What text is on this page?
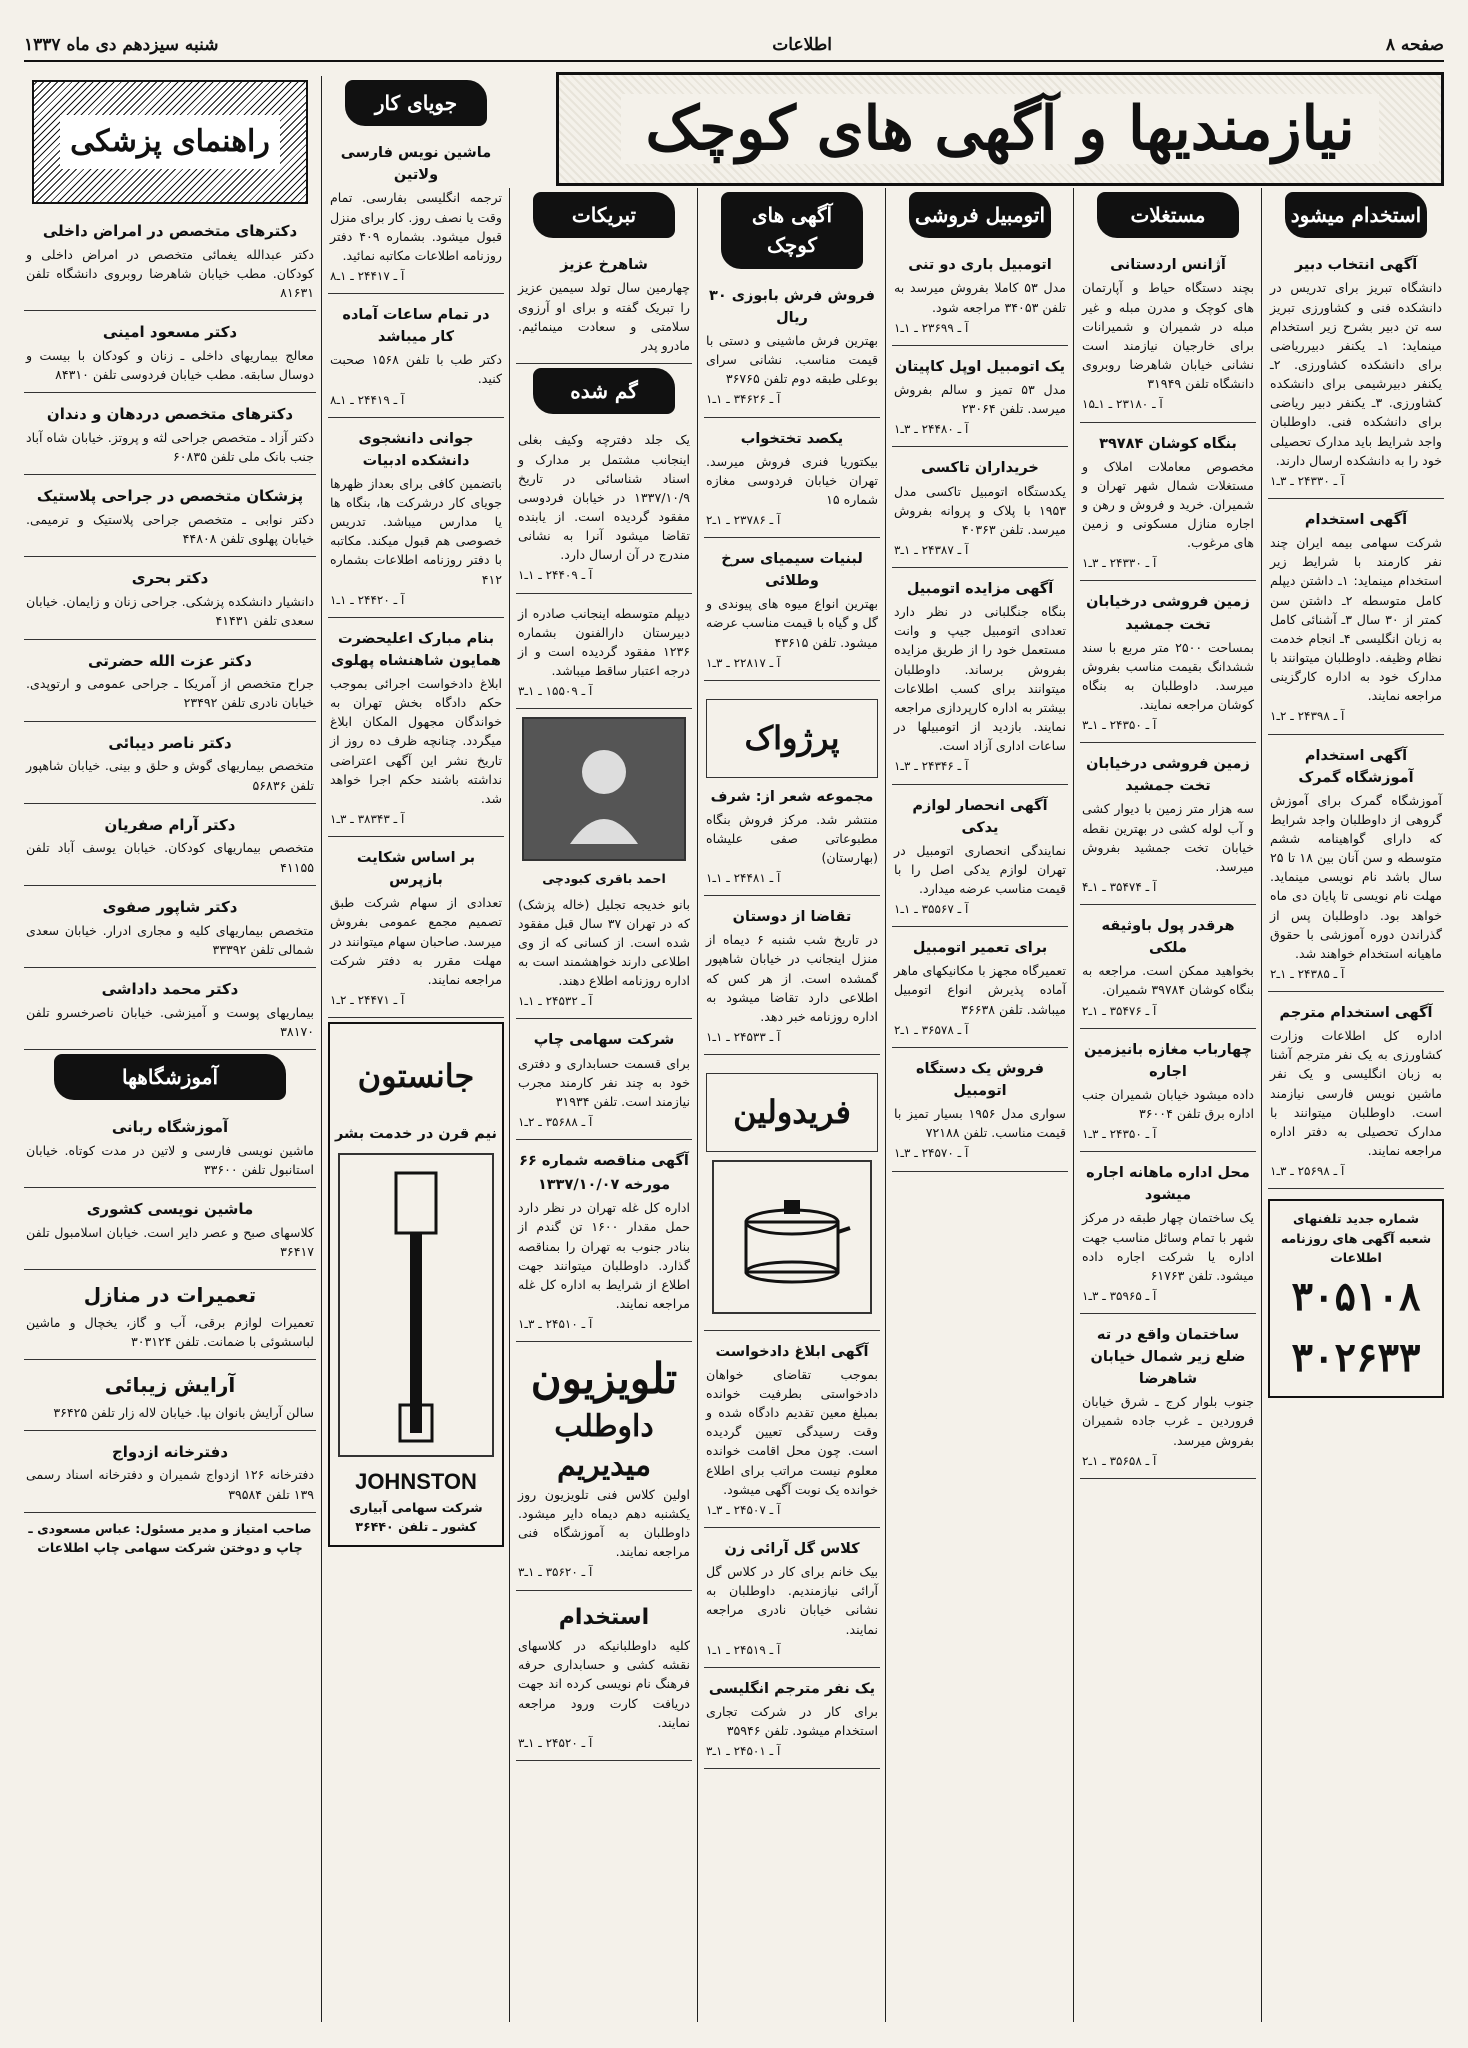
صفحه ۸
اطلاعات
شنبه سیزدهم دی ماه ۱۳۳۷
نیازمندیها و آگهی های کوچک
استخدام میشود
آگهی انتخاب دبیر
دانشگاه تبریز برای تدریس در دانشکده فنی و کشاورزی تبریز سه تن دبیر بشرح زیر استخدام مینماید: ۱ـ یکنفر دبیرریاضی برای دانشکده کشاورزی. ۲ـ یکنفر دبیرشیمی برای دانشکده کشاورزی. ۳ـ یکنفر دبیر ریاضی برای دانشکده فنی. داوطلبان واجد شرایط باید مدارک تحصیلی خود را به دانشکده ارسال دارند.
آ ـ ۲۴۳۳۰ ـ ۳ـ۱
آگهی استخدام
شرکت سهامی بیمه ایران چند نفر کارمند با شرایط زیر استخدام مینماید: ۱ـ داشتن دیپلم کامل متوسطه ۲ـ داشتن سن کمتر از ۳۰ سال ۳ـ آشنائی کامل به زبان انگلیسی ۴ـ انجام خدمت نظام وظیفه. داوطلبان میتوانند با مدارک خود به اداره کارگزینی مراجعه نمایند.
آ ـ ۲۴۳۹۸ ـ ۲ـ۱
آگهی استخدام آموزشگاه گمرک
آموزشگاه گمرک برای آموزش گروهی از داوطلبان واجد شرایط که دارای گواهینامه ششم متوسطه و سن آنان بین ۱۸ تا ۲۵ سال باشد نام نویسی مینماید. مهلت نام نویسی تا پایان دی ماه خواهد بود. داوطلبان پس از گذراندن دوره آموزشی با حقوق ماهیانه استخدام خواهند شد.
آ ـ ۲۴۳۸۵ ـ ۱ـ۲
آگهی استخدام مترجم
اداره کل اطلاعات وزارت کشاورزی به یک نفر مترجم آشنا به زبان انگلیسی و یک نفر ماشین نویس فارسی نیازمند است. داوطلبان میتوانند با مدارک تحصیلی به دفتر اداره مراجعه نمایند.
آ ـ ۲۵۶۹۸ ـ ۳ـ۱
شماره جدید تلفنهای
شعبه آگهی های روزنامه اطلاعات
۳۰۵۱۰۸
۳۰۲۶۳۳
مستغلات
آژانس اردستانی
بچند دستگاه حیاط و آپارتمان های کوچک و مدرن مبله و غیر مبله در شمیران و شمیرانات برای خارجیان نیازمند است نشانی خیابان شاهرضا روبروی دانشگاه تلفن ۳۱۹۴۹
آ ـ ۲۳۱۸۰ ـ ۱ـ۱۵
بنگاه کوشان ۳۹۷۸۴
مخصوص معاملات املاک و مستغلات شمال شهر تهران و شمیران. خرید و فروش و رهن و اجاره منازل مسکونی و زمین های مرغوب.
آ ـ ۲۴۳۳۰ ـ ۳ـ۱
زمین فروشی درخیابان تخت جمشید
بمساحت ۲۵۰۰ متر مربع با سند ششدانگ بقیمت مناسب بفروش میرسد. داوطلبان به بنگاه کوشان مراجعه نمایند.
آ ـ ۲۴۳۵۰ ـ ۱ـ۳
زمین فروشی درخیابان تخت جمشید
سه هزار متر زمین با دیوار کشی و آب لوله کشی در بهترین نقطه خیابان تخت جمشید بفروش میرسد.
آ ـ ۳۵۴۷۴ ـ ۱ـ۴
هرقدر پول باوثیقه ملکی
بخواهید ممکن است. مراجعه به بنگاه کوشان ۳۹۷۸۴ شمیران.
آ ـ ۳۵۴۷۶ ـ ۱ـ۲
چهارباب مغازه بانیزمین اجاره
داده میشود خیابان شمیران جنب اداره برق تلفن ۳۶۰۰۴
آ ـ ۲۴۳۵۰ ـ ۳ـ۱
محل اداره ماهانه اجاره میشود
یک ساختمان چهار طبقه در مرکز شهر با تمام وسائل مناسب جهت اداره یا شرکت اجاره داده میشود. تلفن ۶۱۷۶۳
آ ـ ۳۵۹۶۵ ـ ۳ـ۱
ساختمان واقع در ته ضلع زیر شمال خیابان شاهرضا
جنوب بلوار کرج ـ شرق خیابان فروردین ـ غرب جاده شمیران بفروش میرسد.
آ ـ ۳۵۶۵۸ ـ ۱ـ۲
اتومبیل فروشی
اتومبیل باری دو تنی
مدل ۵۳ کاملا بفروش میرسد به تلفن ۳۴۰۵۳ مراجعه شود.
آ ـ ۲۳۶۹۹ ـ ۱ـ۱
یک اتومبیل اوپل کاپیتان
مدل ۵۳ تمیز و سالم بفروش میرسد. تلفن ۲۳۰۶۴
آ ـ ۲۴۴۸۰ ـ ۳ـ۱
خریداران تاکسی
یکدستگاه اتومبیل تاکسی مدل ۱۹۵۳ با پلاک و پروانه بفروش میرسد. تلفن ۴۰۳۶۳
آ ـ ۲۴۳۸۷ ـ ۱ـ۳
آگهی مزایده اتومبیل
بنگاه جنگلبانی در نظر دارد تعدادی اتومبیل جیپ و وانت مستعمل خود را از طریق مزایده بفروش برساند. داوطلبان میتوانند برای کسب اطلاعات بیشتر به اداره کارپردازی مراجعه نمایند. بازدید از اتومبیلها در ساعات اداری آزاد است.
آ ـ ۲۴۳۴۶ ـ ۳ـ۱
آگهی انحصار لوازم یدکی
نمایندگی انحصاری اتومبیل در تهران لوازم یدکی اصل را با قیمت مناسب عرضه میدارد.
آ ـ ۳۵۵۶۷ ـ ۱ـ۱
برای تعمیر اتومبیل
تعمیرگاه مجهز با مکانیکهای ماهر آماده پذیرش انواع اتومبیل میباشد. تلفن ۳۶۶۳۸
آ ـ ۳۶۵۷۸ ـ ۱ـ۲
فروش یک دستگاه اتومبیل
سواری مدل ۱۹۵۶ بسیار تمیز با قیمت مناسب. تلفن ۷۲۱۸۸
آ ـ ۲۴۵۷۰ ـ ۳ـ۱
آگهی های کوچک
فروش فرش بابوزی ۳۰ ریال
بهترین فرش ماشینی و دستی با قیمت مناسب. نشانی سرای بوعلی طبقه دوم تلفن ۳۶۷۶۵
آ ـ ۳۴۶۲۶ ـ ۱ـ۱
یکصد تختخواب
بیکتوریا فنری فروش میرسد. تهران خیابان فردوسی مغازه شماره ۱۵
آ ـ ۲۳۷۸۶ ـ ۱ـ۲
لبنیات سیمیای سرخ وطلائی
بهترین انواع میوه های پیوندی و گل و گیاه با قیمت مناسب عرضه میشود. تلفن ۴۳۶۱۵
آ ـ ۲۲۸۱۷ ـ ۳ـ۱
پرژواک
مجموعه شعر از: شرف
منتشر شد. مرکز فروش بنگاه مطبوعاتی صفی علیشاه (بهارستان)
آ ـ ۲۴۴۸۱ ـ ۱ـ۱
تقاضا از دوستان
در تاریخ شب شنبه ۶ دیماه از منزل اینجانب در خیابان شاهپور گمشده است. از هر کس که اطلاعی دارد تقاضا میشود به اداره روزنامه خبر دهد.
آ ـ ۲۴۵۳۳ ـ ۱ـ۱
فریدولین
آگهی ابلاغ دادخواست
بموجب تقاضای خواهان دادخواستی بطرفیت خوانده بمبلغ معین تقدیم دادگاه شده و وقت رسیدگی تعیین گردیده است. چون محل اقامت خوانده معلوم نیست مراتب برای اطلاع خوانده یک نوبت آگهی میشود.
آ ـ ۲۴۵۰۷ ـ ۳ـ۱
کلاس گل آرائی زن
بیک خانم برای کار در کلاس گل آرائی نیازمندیم. داوطلبان به نشانی خیابان نادری مراجعه نمایند.
آ ـ ۲۴۵۱۹ ـ ۱ـ۱
یک نفر مترجم انگلیسی
برای کار در شرکت تجاری استخدام میشود. تلفن ۳۵۹۴۶
آ ـ ۲۴۵۰۱ ـ ۱ـ۳
تبریکات
شاهرخ عزیز
چهارمین سال تولد سیمین عزیز را تبریک گفته و برای او آرزوی سلامتی و سعادت مینمائیم. مادرو پدر
گم شده
یک جلد دفترچه وکیف بغلی اینجانب مشتمل بر مدارک و اسناد شناسائی در تاریخ ۱۳۳۷/۱۰/۹ در خیابان فردوسی مفقود گردیده است. از یابنده تقاضا میشود آنرا به نشانی مندرج در آن ارسال دارد.
آ ـ ۲۴۴۰۹ ـ ۱ـ۱
دیپلم متوسطه اینجانب صادره از دبیرستان دارالفنون بشماره ۱۲۳۶ مفقود گردیده است و از درجه اعتبار ساقط میباشد.
آ ـ ۱۵۵۰۹ ـ ۱ـ۳
احمد باقری کبودچی
بانو خدیجه تجلیل (خاله پزشک) که در تهران ۳۷ سال قبل مفقود شده است. از کسانی که از وی اطلاعی دارند خواهشمند است به اداره روزنامه اطلاع دهند.
آ ـ ۲۴۵۳۲ ـ ۱ـ۱
شرکت سهامی چاپ
برای قسمت حسابداری و دفتری خود به چند نفر کارمند مجرب نیازمند است. تلفن ۳۱۹۳۴
آ ـ ۳۵۶۸۸ ـ ۲ـ۱
آگهی مناقصه شماره ۶۶
مورخه ۱۳۳۷/۱۰/۰۷
اداره کل غله تهران در نظر دارد حمل مقدار ۱۶۰۰ تن گندم از بنادر جنوب به تهران را بمناقصه گذارد. داوطلبان میتوانند جهت اطلاع از شرایط به اداره کل غله مراجعه نمایند.
آ ـ ۲۴۵۱۰ ـ ۳ـ۱
تلویزیون
داوطلب میدیریم
اولین کلاس فنی تلویزیون روز یکشنبه دهم دیماه دایر میشود. داوطلبان به آموزشگاه فنی مراجعه نمایند.
آ ـ ۳۵۶۲۰ ـ ۱ـ۳
استخدام
کلیه داوطلبانیکه در کلاسهای نقشه کشی و حسابداری حرفه فرهنگ نام نویسی کرده اند جهت دریافت کارت ورود مراجعه نمایند.
آ ـ ۲۴۵۲۰ ـ ۱ـ۳
جویای کار
ماشین نویس فارسی ولاتین
ترجمه انگلیسی بفارسی. تمام وقت یا نصف روز. کار برای منزل قبول میشود. بشماره ۴۰۹ دفتر روزنامه اطلاعات مکاتبه نمائید.
آ ـ ۲۴۴۱۷ ـ ۱ـ۸
در تمام ساعات آماده کار میباشد
دکتر طب با تلفن ۱۵۶۸ صحبت کنید.
آ ـ ۲۴۴۱۹ ـ ۱ـ۸
جوانی دانشجوی دانشکده ادبیات
باتضمین کافی برای بعداز ظهرها جویای کار درشرکت ها، بنگاه ها یا مدارس میباشد. تدریس خصوصی هم قبول میکند. مکاتبه با دفتر روزنامه اطلاعات بشماره ۴۱۲
آ ـ ۲۴۴۲۰ ـ ۱ـ۱
بنام مبارک اعلیحضرت همایون شاهنشاه پهلوی
ابلاغ دادخواست اجرائی بموجب حکم دادگاه بخش تهران به خواندگان مجهول المکان ابلاغ میگردد. چنانچه ظرف ده روز از تاریخ نشر این آگهی اعتراضی نداشته باشند حکم اجرا خواهد شد.
آ ـ ۳۸۳۴۳ ـ ۳ـ۱
بر اساس شکایت بازپرس
تعدادی از سهام شرکت طبق تصمیم مجمع عمومی بفروش میرسد. صاحبان سهام میتوانند در مهلت مقرر به دفتر شرکت مراجعه نمایند.
آ ـ ۲۴۴۷۱ ـ ۲ـ۱
جانستون
نیم قرن در خدمت بشر
JOHNSTON
شرکت سهامی آبیاری کشور ـ تلفن ۳۶۴۴۰
راهنمای پزشکی
دکترهای متخصص در امراض داخلی
دکتر عبدالله یغمائی متخصص در امراض داخلی و کودکان. مطب خیابان شاهرضا روبروی دانشگاه تلفن ۸۱۶۳۱
دکتر مسعود امینی
معالج بیماریهای داخلی ـ زنان و کودکان با بیست و دوسال سابقه. مطب خیابان فردوسی تلفن ۸۴۳۱۰
دکترهای متخصص دردهان و دندان
دکتر آزاد ـ متخصص جراحی لثه و پروتز. خیابان شاه آباد جنب بانک ملی تلفن ۶۰۸۳۵
پزشکان متخصص در جراحی پلاستیک
دکتر نوابی ـ متخصص جراحی پلاستیک و ترمیمی. خیابان پهلوی تلفن ۴۴۸۰۸
دکتر بحری
دانشیار دانشکده پزشکی. جراحی زنان و زایمان. خیابان سعدی تلفن ۴۱۴۳۱
دکتر عزت الله حضرتی
جراح متخصص از آمریکا ـ جراحی عمومی و ارتوپدی. خیابان نادری تلفن ۲۳۴۹۲
دکتر ناصر دیبائی
متخصص بیماریهای گوش و حلق و بینی. خیابان شاهپور تلفن ۵۶۸۳۶
دکتر آرام صفریان
متخصص بیماریهای کودکان. خیابان یوسف آباد تلفن ۴۱۱۵۵
دکتر شاپور صفوی
متخصص بیماریهای کلیه و مجاری ادرار. خیابان سعدی شمالی تلفن ۳۳۳۹۲
دکتر محمد داداشی
بیماریهای پوست و آمیزشی. خیابان ناصرخسرو تلفن ۳۸۱۷۰
آموزشگاهها
آموزشگاه ربانی
ماشین نویسی فارسی و لاتین در مدت کوتاه. خیابان استانبول تلفن ۳۳۶۰۰
ماشین نویسی کشوری
کلاسهای صبح و عصر دایر است. خیابان اسلامبول تلفن ۳۶۴۱۷
تعمیرات در منازل
تعمیرات لوازم برقی، آب و گاز، یخچال و ماشین لباسشوئی با ضمانت. تلفن ۳۰۳۱۲۴
آرایش زیبائی
سالن آرایش بانوان بپا. خیابان لاله زار تلفن ۳۶۴۲۵
دفترخانه ازدواج
دفترخانه ۱۲۶ ازدواج شمیران و دفترخانه اسناد رسمی ۱۳۹ تلفن ۳۹۵۸۴
صاحب امتیاز و مدیر مسئول: عباس مسعودی ـ چاپ و دوختن شرکت سهامی چاپ اطلاعات
